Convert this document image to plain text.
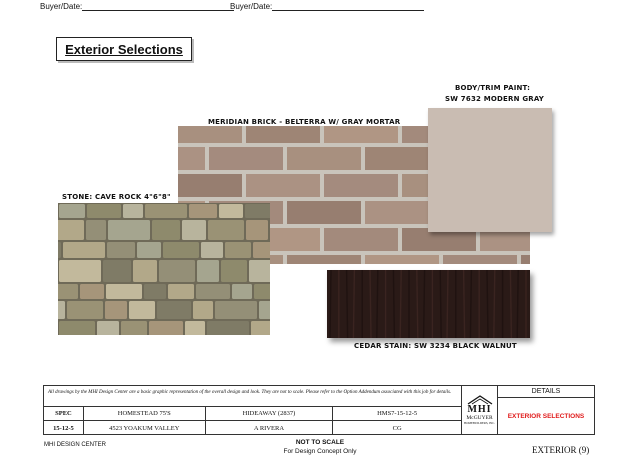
Buyer/Date:	Buyer/Date:
Exterior Selections
MERIDIAN BRICK - BELTERRA W/ GRAY MORTAR
BODY/TRIM PAINT:
SW 7632 MODERN GRAY
STONE: CAVE ROCK 4"6"8"
CEDAR STAIN: SW 3234 BLACK WALNUT
All drawings by the MHI Design Center are a basic graphic representation of the overall design and look. They are not to scale. Please refer to the Option Addendum associated with this job for details.
SPEC	HOMESTEAD 75'S	HIDEAWAY (2837)	HMS7-15-12-5
15-12-5	4523 YOAKUM VALLEY	A RIVERA	CG
MHI
McGUYER
HOMEBUILDERS, INC.
DETAILS
EXTERIOR SELECTIONS
MHI DESIGN CENTER	NOT TO SCALE
For Design Concept Only	EXTERIOR (9)
